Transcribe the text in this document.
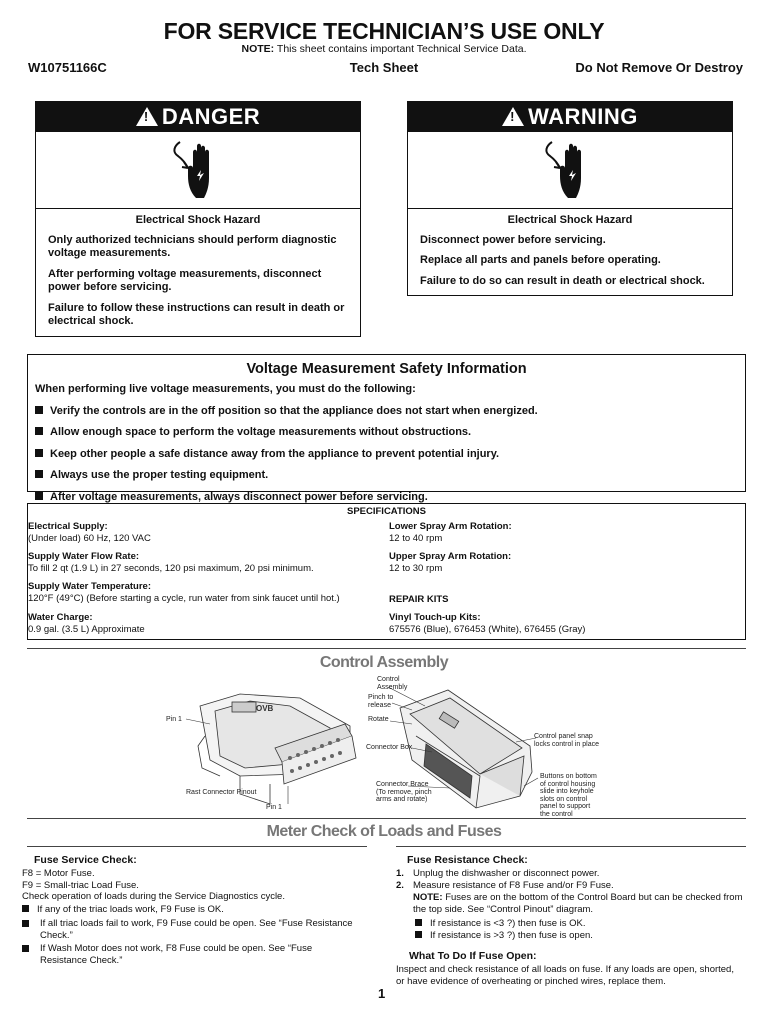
FOR SERVICE TECHNICIAN’S USE ONLY
NOTE: This sheet contains important Technical Service Data.
W10751166C	Tech Sheet	Do Not Remove Or Destroy
! DANGER
Electrical Shock Hazard

Only authorized technicians should perform diagnostic voltage measurements.

After performing voltage measurements, disconnect power before servicing.

Failure to follow these instructions can result in death or electrical shock.

! WARNING
Electrical Shock Hazard

Disconnect power before servicing.

Replace all parts and panels before operating.

Failure to do so can result in death or electrical shock.

Voltage Measurement Safety Information
When performing live voltage measurements, you must do the following:
Verify the controls are in the off position so that the appliance does not start when energized.
Allow enough space to perform the voltage measurements without obstructions.
Keep other people a safe distance away from the appliance to prevent potential injury.
Always use the proper testing equipment.
After voltage measurements, always disconnect power before servicing.
SPECIFICATIONS
Electrical Supply:
(Under load) 60 Hz, 120 VAC
Supply Water Flow Rate:
To fill 2 qt (1.9 L) in 27 seconds, 120 psi maximum, 20 psi minimum.
Supply Water Temperature:
120°F (49°C) (Before starting a cycle, run water from sink faucet until hot.)
Water Charge:
0.9 gal. (3.5 L) Approximate
Lower Spray Arm Rotation:
12 to 40 rpm
Upper Spray Arm Rotation:
12 to 30 rpm
REPAIR KITS
Vinyl Touch-up Kits:
675576 (Blue), 676453 (White), 676455 (Gray)
Control Assembly
OVB
Pin 1
Rast Connector Pinout
Pin 1
Control
Assembly
Pinch to
release
Rotate
Connector Box
Connector Brace
(To remove, pinch
arms and rotate)
Control panel snap
locks control in place
Buttons on bottom
of control housing
slide into keyhole
slots on control
panel to support
the control
Meter Check of Loads and Fuses
Fuse Service Check:
F8 = Motor Fuse.
F9 = Small-triac Load Fuse.
Check operation of loads during the Service Diagnostics cycle.
If any of the triac loads work, F9 Fuse is OK.
If all triac loads fail to work, F9 Fuse could be open. See “Fuse Resistance Check.”
If Wash Motor does not work, F8 Fuse could be open. See “Fuse Resistance Check.”
Fuse Resistance Check:
1. Unplug the dishwasher or disconnect power.
2. Measure resistance of F8 Fuse and/or F9 Fuse.
NOTE: Fuses are on the bottom of the Control Board but can be checked from the top side. See “Control Pinout” diagram.
If resistance is <3 ?) then fuse is OK.
If resistance is >3 ?) then fuse is open.
What To Do If Fuse Open:
Inspect and check resistance of all loads on fuse. If any loads are open, shorted, or have evidence of overheating or pinched wires, replace them.
1
